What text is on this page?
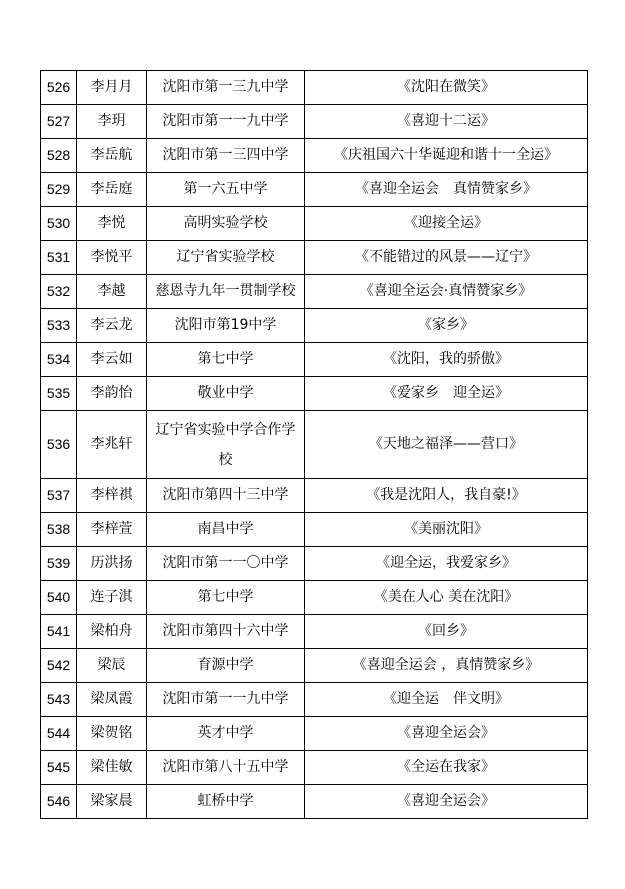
526	李月月	沈阳市第一三九中学	《沈阳在微笑》
527	李玥	沈阳市第一一九中学	《喜迎十二运》
528	李岳航	沈阳市第一三四中学	《庆祖国六十华诞迎和谐十一全运》
529	李岳庭	第一六五中学	《喜迎全运会　真情赞家乡》
530	李悦	高明实验学校	《迎接全运》
531	李悦平	辽宁省实验学校	《不能错过的风景——辽宁》
532	李越	慈恩寺九年一贯制学校	《喜迎全运会·真情赞家乡》
533	李云龙	沈阳市第19中学	《家乡》
534	李云如	第七中学	《沈阳，我的骄傲》
535	李韵怡	敬业中学	《爱家乡　迎全运》
536	李兆轩	辽宁省实验中学合作学校	《天地之福泽——营口》
537	李梓祺	沈阳市第四十三中学	《我是沈阳人，我自豪!》
538	李梓萱	南昌中学	《美丽沈阳》
539	历洪扬	沈阳市第一一〇中学	《迎全运，我爱家乡》
540	连子淇	第七中学	《美在人心 美在沈阳》
541	梁柏舟	沈阳市第四十六中学	《回乡》
542	梁辰	育源中学	《喜迎全运会 ，真情赞家乡》
543	梁凤霞	沈阳市第一一九中学	《迎全运　伴文明》
544	梁贺铭	英才中学	《喜迎全运会》
545	梁佳敏	沈阳市第八十五中学	《全运在我家》
546	梁家晨	虹桥中学	《喜迎全运会》
